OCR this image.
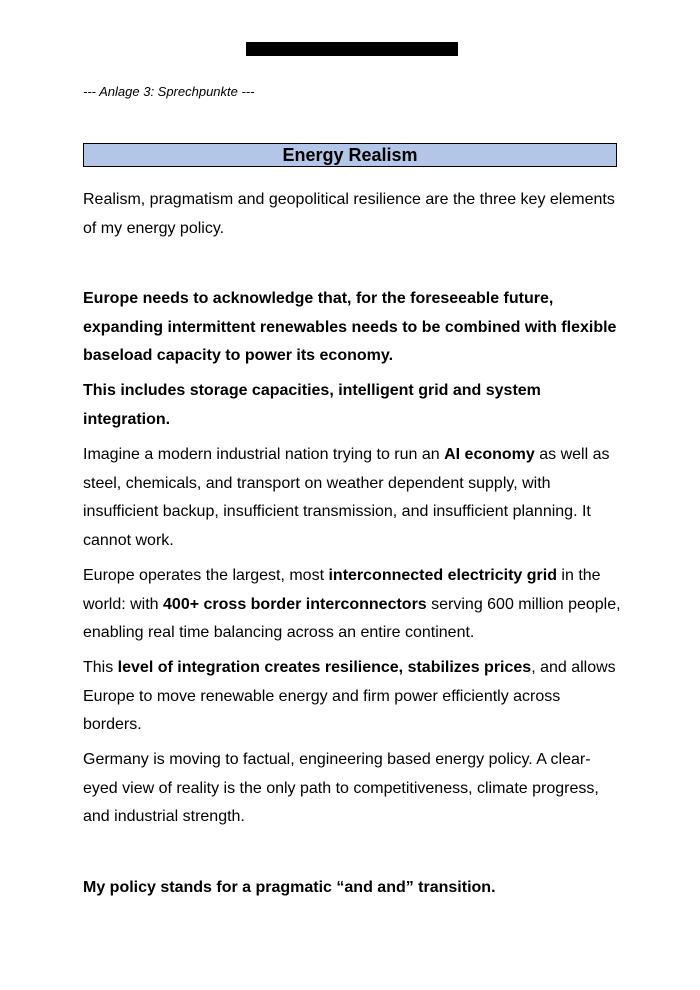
--- Anlage 3: Sprechpunkte ---
Energy Realism
Realism, pragmatism and geopolitical resilience are the three key elements of my energy policy.
Europe needs to acknowledge that, for the foreseeable future, expanding intermittent renewables needs to be combined with flexible baseload capacity to power its economy.
This includes storage capacities, intelligent grid and system integration.
Imagine a modern industrial nation trying to run an AI economy as well as steel, chemicals, and transport on weather dependent supply, with insufficient backup, insufficient transmission, and insufficient planning. It cannot work.
Europe operates the largest, most interconnected electricity grid in the world: with 400+ cross border interconnectors serving 600 million people, enabling real time balancing across an entire continent.
This level of integration creates resilience, stabilizes prices, and allows Europe to move renewable energy and firm power efficiently across borders.
Germany is moving to factual, engineering based energy policy. A clear-eyed view of reality is the only path to competitiveness, climate progress, and industrial strength.
My policy stands for a pragmatic “and and” transition.
